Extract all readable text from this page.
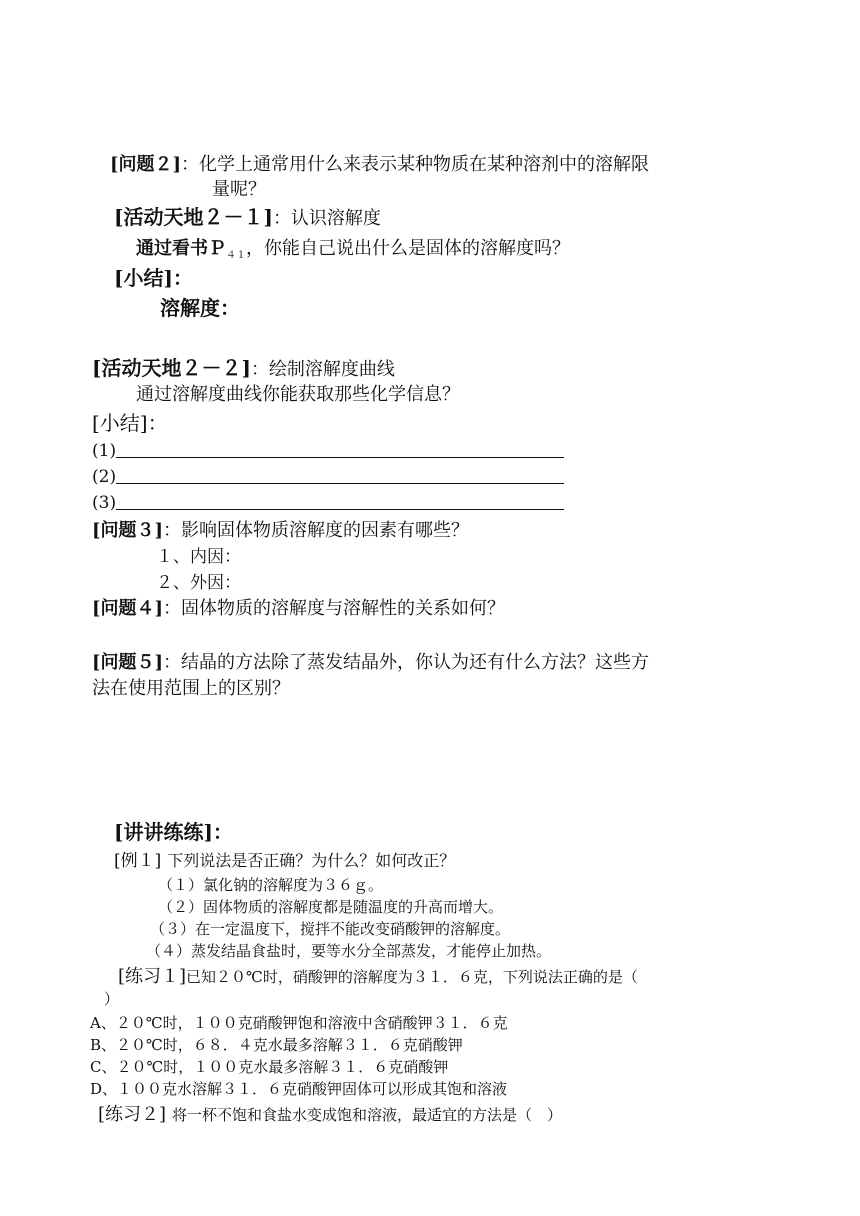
[问题２]：化学上通常用什么来表示某种物质在某种溶剂中的溶解限
量呢？
[活动天地２－１]：认识溶解度
通过看书Ｐ$_{41}$，你能自己说出什么是固体的溶解度吗？
[小结]：
溶解度：
[活动天地２－２]：绘制溶解度曲线
通过溶解度曲线你能获取那些化学信息？
[小结]：
(1)
(2)
(3)
[问题３]：影响固体物质溶解度的因素有哪些？
１、内因：
２、外因：
[问题４]：固体物质的溶解度与溶解性的关系如何？
[问题５]：结晶的方法除了蒸发结晶外，你认为还有什么方法？这些方
法在使用范围上的区别？
[讲讲练练]：
[例１] 下列说法是否正确？为什么？如何改正？
（１）氯化钠的溶解度为３６ｇ。
（２）固体物质的溶解度都是随温度的升高而增大。
（３）在一定温度下，搅拌不能改变硝酸钾的溶解度。
（４）蒸发结晶食盐时，要等水分全部蒸发，才能停止加热。
[练习１]已知２０℃时，硝酸钾的溶解度为３１．６克，下列说法正确的是（
）
A、２０℃时，１００克硝酸钾饱和溶液中含硝酸钾３１．６克
B、２０℃时，６８．４克水最多溶解３１．６克硝酸钾
C、２０℃时，１００克水最多溶解３１．６克硝酸钾
D、１００克水溶解３１．６克硝酸钾固体可以形成其饱和溶液
[练习２] 将一杯不饱和食盐水变成饱和溶液，最适宜的方法是（　）
